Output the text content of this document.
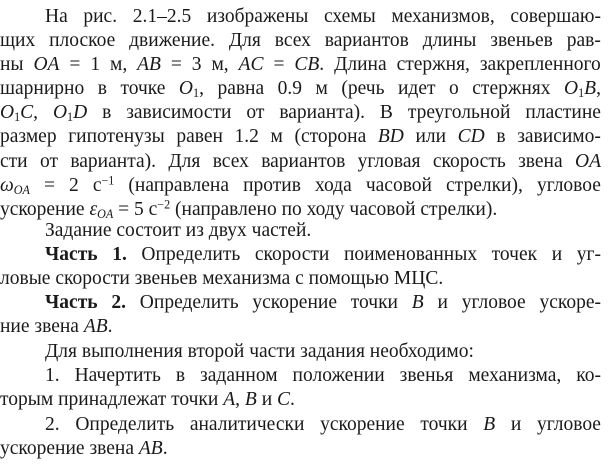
На рис. 2.1–2.5 изображены схемы механизмов, совершаю-
щих плоское движение. Для всех вариантов длины звеньев рав-
ны OA = 1 м, AB = 3 м, AC = CB. Длина стержня, закрепленного
шарнирно в точке $O_1$, равна 0.9 м (речь идет о стержнях $O_1B$,
$O_1C$, $O_1D$ в зависимости от варианта). В треугольной пластине
размер гипотенузы равен 1.2 м (сторона BD или CD в зависимо-
сти от варианта). Для всех вариантов угловая скорость звена OA
$\omega_{OA} = 2$ $с^{-1}$ (направлена против хода часовой стрелки), угловое
ускорение $\varepsilon_{OA} = 5$ $с^{-2}$ (направлено по ходу часовой стрелки).

Задание состоит из двух частей.

Часть 1. Определить скорости поименованных точек и уг-

ловые скорости звеньев механизма с помощью МЦС.

Часть 2. Определить ускорение точки B и угловое ускоре-

ние звена AB.

Для выполнения второй части задания необходимо:

1. Начертить в заданном положении звенья механизма, ко-

торым принадлежат точки A, B и C.

2. Определить аналитически ускорение точки B и угловое

ускорение звена AB.
